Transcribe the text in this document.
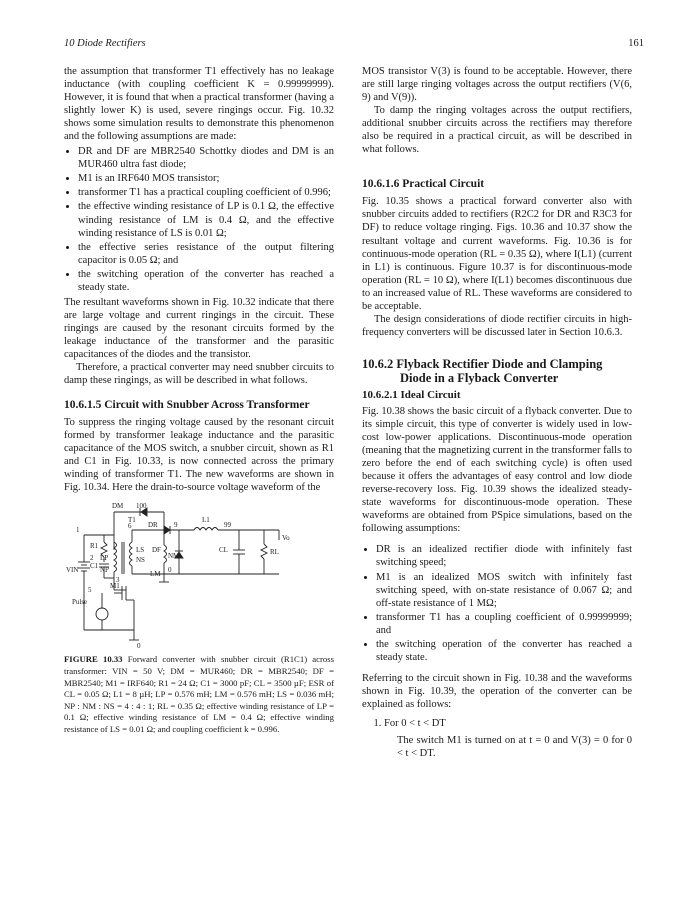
10 Diode Rectifiers	161

the assumption that transformer T1 effectively has no leakage inductance (with coupling coefficient K = 0.99999999). However, it is found that when a practical transformer (having a slightly lower K) is used, severe ringings occur. Fig. 10.32 shows some simulation results to demonstrate this phenomenon and the following assumptions are made:

• DR and DF are MBR2540 Schottky diodes and DM is an MUR460 ultra fast diode;
• M1 is an IRF640 MOS transistor;
• transformer T1 has a practical coupling coefficient of 0.996;
• the effective winding resistance of LP is 0.1 Ω, the effective winding resistance of LM is 0.4 Ω, and the effective winding resistance of LS is 0.01 Ω;
• the effective series resistance of the output filtering capacitor is 0.05 Ω; and
• the switching operation of the converter has reached a steady state.

The resultant waveforms shown in Fig. 10.32 indicate that there are large voltage and current ringings in the circuit. These ringings are caused by the resonant circuits formed by the leakage inductance of the transformer and the parasitic capacitances of the diodes and the transistor.

Therefore, a practical converter may need snubber circuits to damp these ringings, as will be described in what follows.

10.6.1.5 Circuit with Snubber Across Transformer

To suppress the ringing voltage caused by the resonant circuit formed by transformer leakage inductance and the parasitic capacitance of the MOS switch, a snubber circuit, shown as R1 and C1 in Fig. 10.33, is now connected across the primary winding of transformer T1. The new waveforms are shown in Fig. 10.34. Here the drain-to-source voltage waveform of the

DM 100
T1
6 DR 9
L1
99
Vo
1
R1
LP
C1
2
NP
LS DF
NS
CL	RL
VIN
3
5	M1
LM 0
NM
Pulse
0
FIGURE 10.33 Forward converter with snubber circuit (R1C1) across transformer: VIN = 50 V; DM = MUR460; DR = MBR2540; DF = MBR2540; M1 = IRF640; R1 = 24 Ω; C1 = 3000 pF; CL = 3500 µF; ESR of CL = 0.05 Ω; L1 = 8 µH; LP = 0.576 mH; LM = 0.576 mH; LS = 0.036 mH; NP : NM : NS = 4 : 4 : 1; RL = 0.35 Ω; effective winding resistance of LP = 0.1 Ω; effective winding resistance of LM = 0.4 Ω; effective winding resistance of LS = 0.01 Ω; and coupling coefficient k = 0.996.

MOS transistor V(3) is found to be acceptable. However, there are still large ringing voltages across the output rectifiers (V(6, 9) and V(9)).

To damp the ringing voltages across the output rectifiers, additional snubber circuits across the rectifiers may therefore also be required in a practical circuit, as will be described in what follows.

10.6.1.6 Practical Circuit

Fig. 10.35 shows a practical forward converter also with snubber circuits added to rectifiers (R2C2 for DR and R3C3 for DF) to reduce voltage ringing. Figs. 10.36 and 10.37 show the resultant voltage and current waveforms. Fig. 10.36 is for continuous-mode operation (RL = 0.35 Ω), where I(L1) (current in L1) is continuous. Figure 10.37 is for discontinuous-mode operation (RL = 10 Ω), where I(L1) becomes discontinuous due to an increased value of RL. These waveforms are considered to be acceptable.

The design considerations of diode rectifier circuits in high-frequency converters will be discussed later in Section 10.6.3.

10.6.2 Flyback Rectifier Diode and Clamping
Diode in a Flyback Converter
10.6.2.1 Ideal Circuit

Fig. 10.38 shows the basic circuit of a flyback converter. Due to its simple circuit, this type of converter is widely used in low-cost low-power applications. Discontinuous-mode operation (meaning that the magnetizing current in the transformer falls to zero before the end of each switching cycle) is often used because it offers the advantages of easy control and low diode reverse-recovery loss. Fig. 10.39 shows the idealized steady-state waveforms for discontinuous-mode operation. These waveforms are obtained from PSpice simulations, based on the following assumptions:

• DR is an idealized rectifier diode with infinitely fast switching speed;
• M1 is an idealized MOS switch with infinitely fast switching speed, with on-state resistance of 0.067 Ω; and off-state resistance of 1 MΩ;
• transformer T1 has a coupling coefficient of 0.99999999; and
• the switching operation of the converter has reached a steady state.

Referring to the circuit shown in Fig. 10.38 and the waveforms shown in Fig. 10.39, the operation of the converter can be explained as follows:

1. For 0 < t < DT

The switch M1 is turned on at t = 0 and V(3) = 0 for 0 < t < DT.
